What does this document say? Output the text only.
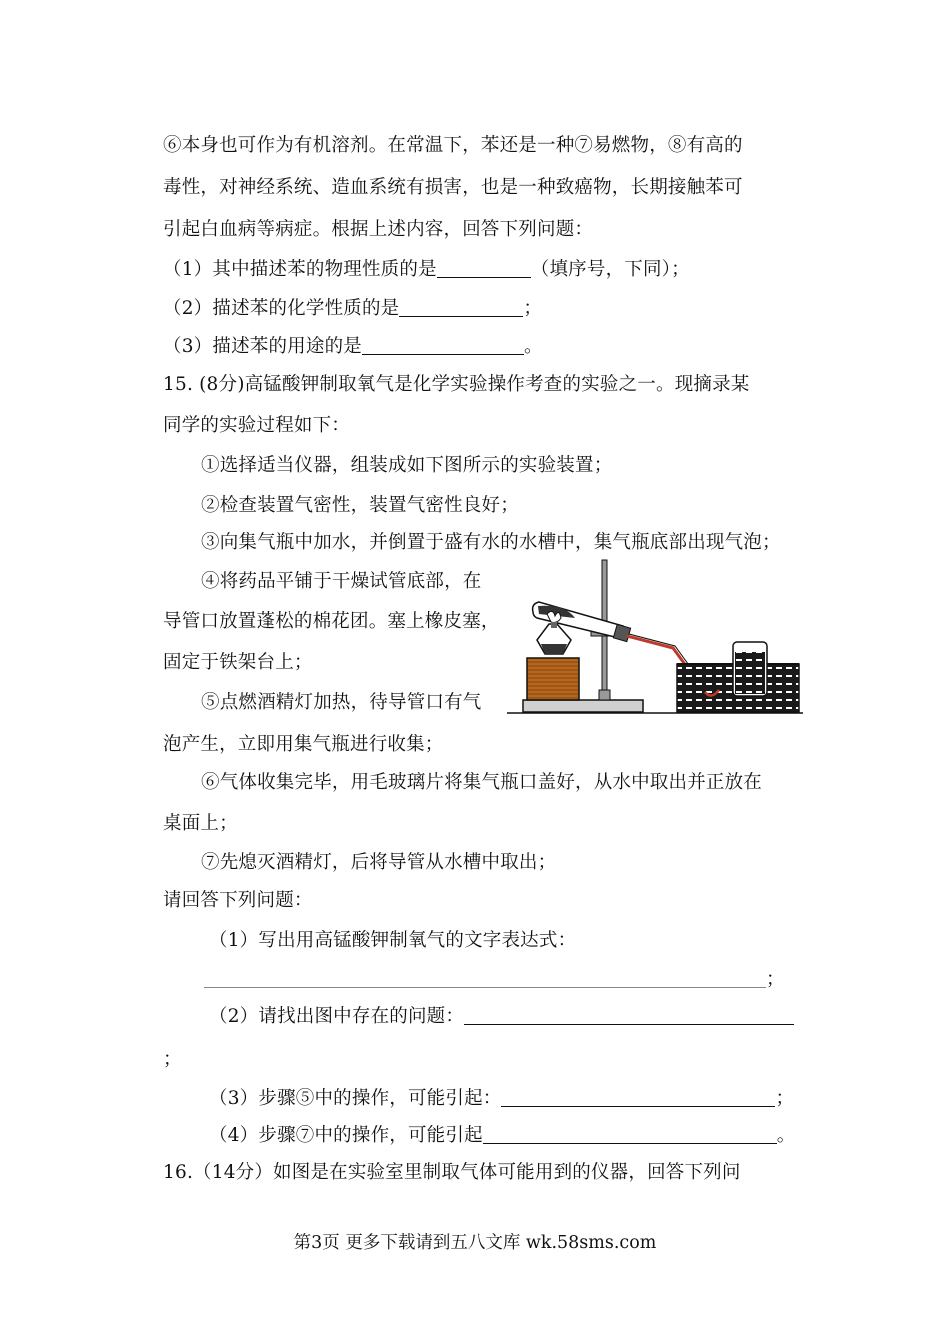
⑥本身也可作为有机溶剂。在常温下，苯还是一种⑦易燃物，⑧有高的
毒性，对神经系统、造血系统有损害，也是一种致癌物，长期接触苯可
引起白血病等病症。根据上述内容，回答下列问题：
（1）其中描述苯的物理性质的是	（填序号，下同）；
（2）描述苯的化学性质的是	；
（3）描述苯的用途的是	。
15. (8分)高锰酸钾制取氧气是化学实验操作考查的实验之一。现摘录某
同学的实验过程如下：
①选择适当仪器，组装成如下图所示的实验装置；
②检查装置气密性，装置气密性良好；
③向集气瓶中加水，并倒置于盛有水的水槽中，集气瓶底部出现气泡；
④将药品平铺于干燥试管底部，在
导管口放置蓬松的棉花团。塞上橡皮塞，
固定于铁架台上；
⑤点燃酒精灯加热，待导管口有气
泡产生，立即用集气瓶进行收集；
⑥气体收集完毕，用毛玻璃片将集气瓶口盖好，从水中取出并正放在
桌面上；
⑦先熄灭酒精灯，后将导管从水槽中取出；
请回答下列问题：
（1）写出用高锰酸钾制氧气的文字表达式：
；
（2）请找出图中存在的问题：
；
（3）步骤⑤中的操作，可能引起：	；
（4）步骤⑦中的操作，可能引起	。
16.（14分）如图是在实验室里制取气体可能用到的仪器，回答下列问
第3页 更多下载请到五八文库 wk.58sms.com
